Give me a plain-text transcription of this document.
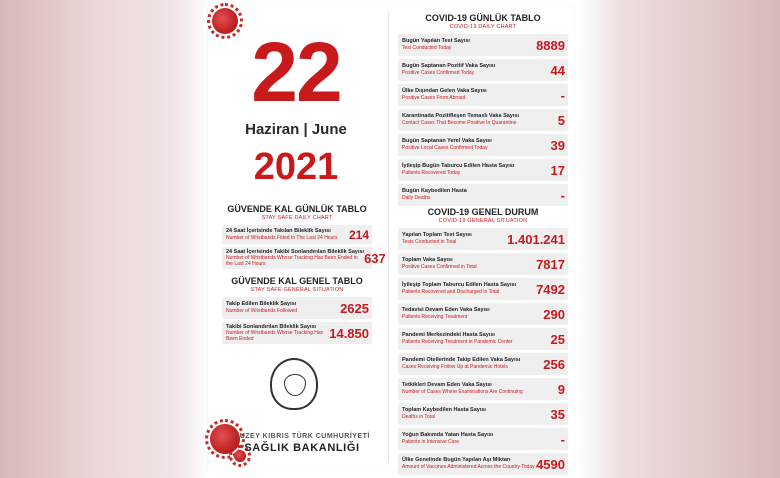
22
Haziran | June
2021

GÜVENDE KAL GÜNLÜK TABLO

STAY SAFE DAILY CHART

24 Saat İçerisinde Takılan Bileklik Sayısı
Number of Wristbands Fitted In The Last 24 Hours 214
24 Saat İçerisinde Takibi Sonlandırılan Bileklik Sayısı
Number of Wristbands Whose Tracking Has Been Ended In the Last 24 Hours	637

GÜVENDE KAL GENEL TABLO

STAY SAFE GENERAL SITUATION

Takip Edilen Bileklik Sayısı
Number of Wristbands Followed	2625
Takibi Sonlandırılan Bileklik Sayısı
Number of Wristbands Whose Tracking Has Been Ended	14.850
KUZEY KIBRIS TÜRK CUMHURİYETİ
SAĞLIK BAKANLIĞI

COVID-19 GÜNLÜK TABLO

COVID-19 DAILY CHART

Bugün Yapılan Test Sayısı
Test Conducted Today	8889
Bugün Saptanan Pozitif Vaka Sayısı
Positive Cases Confirmed Today	44
Ülke Dışından Gelen Vaka Sayısı
Positive Cases From Abroad	-
Karantinada Pozitifleşen Temaslı Vaka Sayısı
Contact Cases That Become Positive In Quarantine	5
Bugün Saptanan Yerel Vaka Sayısı
Positive Local Cases Confirmed Today	39
İyileşip Bugün Taburcu Edilen Hasta Sayısı
Patients Recovered Today	17
Bugün Kaybedilen Hasta
Daily Deaths	-

COVID-19 GENEL DURUM

COVID-19 GENERAL SITUATION

Yapılan Toplam Test Sayısı
Tests Conducted in Total	1.401.241
Toplam Vaka Sayısı
Positive Cases Confirmed in Total	7817
İyileşip Toplam Taburcu Edilen Hasta Sayısı
Patients Recovered and Discharged in Total	7492
Tedavisi Devam Eden Vaka Sayısı
Patients Receiving Treatment	290
Pandemi Merkezindeki Hasta Sayısı
Patients Receiving Treatment in Pandemic Center	25
Pandemi Otellerinde Takip Edilen Vaka Sayısı
Cases Receiving Follow Up at Pandemic Hotels	256
Tetkikleri Devam Eden Vaka Sayısı
Number of Cases Where Examinations Are Continuing	9
Toplam Kaybedilen Hasta Sayısı
Deaths in Total	35
Yoğun Bakımda Yatan Hasta Sayısı
Patients in Intensive Care	-
Ülke Genelinde Bugün Yapılan Aşı Miktarı
Amount of Vaccines Administered Across the Country Today 4590
